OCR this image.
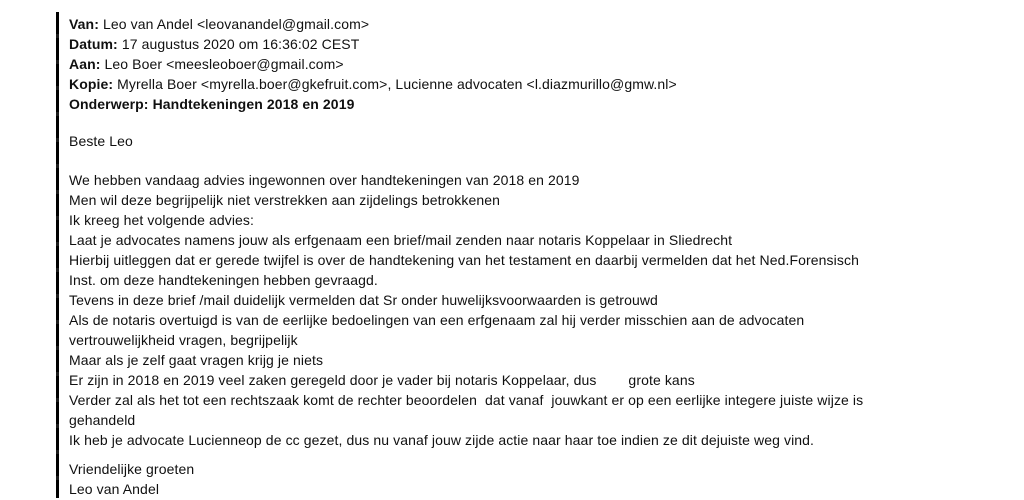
Van: Leo van Andel <leovanandel@gmail.com>
Datum: 17 augustus 2020 om 16:36:02 CEST
Aan: Leo Boer <meesleoboer@gmail.com>
Kopie: Myrella Boer <myrella.boer@gkefruit.com>, Lucienne advocaten <l.diazmurillo@gmw.nl>
Onderwerp: Handtekeningen 2018 en 2019
Beste Leo
We hebben vandaag advies ingewonnen over handtekeningen van 2018 en 2019
Men wil deze begrijpelijk niet verstrekken aan zijdelings betrokkenen
Ik kreeg het volgende advies:
Laat je advocates namens jouw als erfgenaam een brief/mail zenden naar notaris Koppelaar in Sliedrecht
Hierbij uitleggen dat er gerede twijfel is over de handtekening van het testament en daarbij vermelden dat het Ned.Forensisch
Inst. om deze handtekeningen hebben gevraagd.
Tevens in deze brief /mail duidelijk vermelden dat Sr onder huwelijksvoorwaarden is getrouwd
Als de notaris overtuigd is van de eerlijke bedoelingen van een erfgenaam zal hij verder misschien aan de advocaten
vertrouwelijkheid vragen, begrijpelijk
Maar als je zelf gaat vragen krijg je niets
Er zijn in 2018 en 2019 veel zaken geregeld door je vader bij notaris Koppelaar, dus        grote kans
Verder zal als het tot een rechtszaak komt de rechter beoordelen  dat vanaf  jouwkant er op een eerlijke integere juiste wijze is
gehandeld
Ik heb je advocate Lucienneop de cc gezet, dus nu vanaf jouw zijde actie naar haar toe indien ze dit dejuiste weg vind.
Vriendelijke groeten
Leo van Andel
